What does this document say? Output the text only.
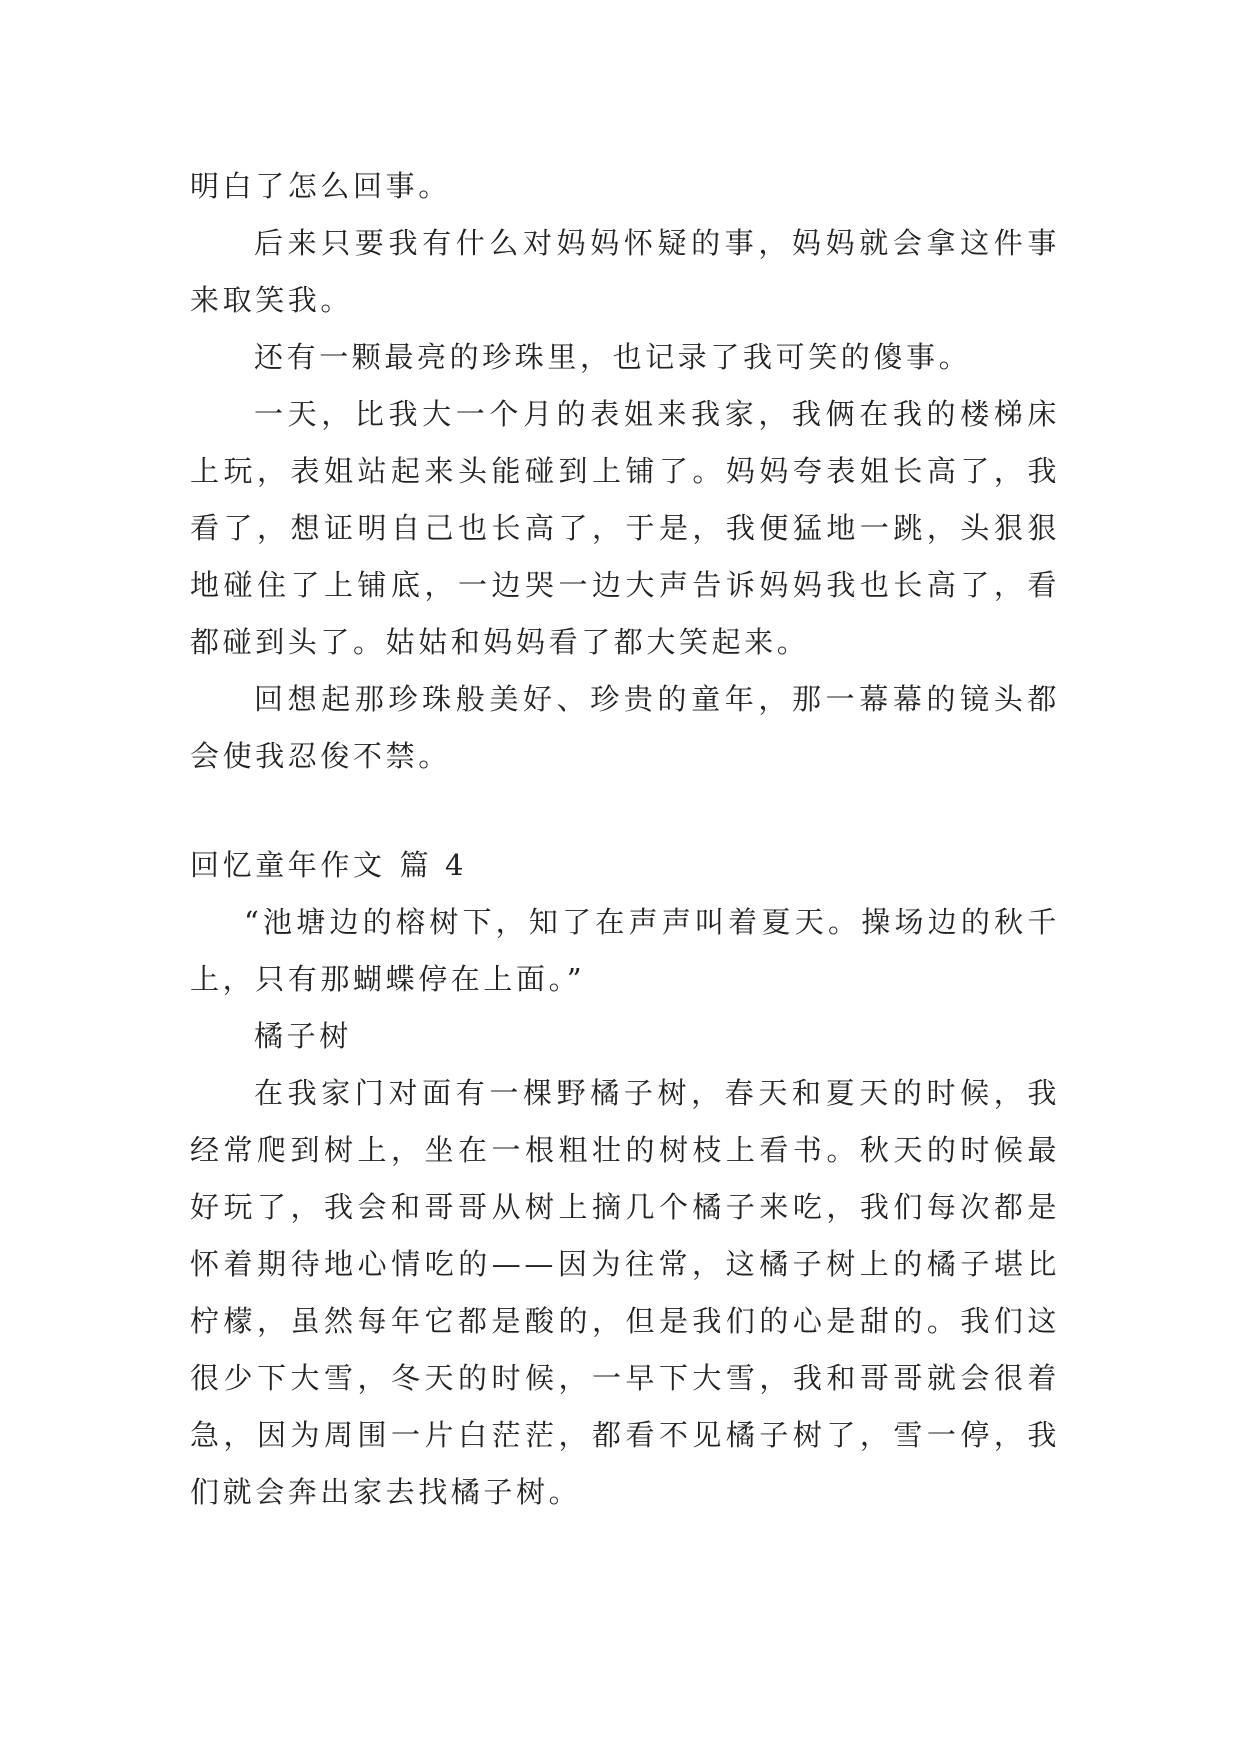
明白了怎么回事。

后来只要我有什么对妈妈怀疑的事，妈妈就会拿这件事来取笑我。

还有一颗最亮的珍珠里，也记录了我可笑的傻事。

一天，比我大一个月的表姐来我家，我俩在我的楼梯床上玩，表姐站起来头能碰到上铺了。妈妈夸表姐长高了，我看了，想证明自己也长高了，于是，我便猛地一跳，头狠狠地碰住了上铺底，一边哭一边大声告诉妈妈我也长高了，看都碰到头了。姑姑和妈妈看了都大笑起来。

回想起那珍珠般美好、珍贵的童年，那一幕幕的镜头都会使我忍俊不禁。

回忆童年作文 篇 4

“池塘边的榕树下，知了在声声叫着夏天。操场边的秋千上，只有那蝴蝶停在上面。”

橘子树

在我家门对面有一棵野橘子树，春天和夏天的时候，我经常爬到树上，坐在一根粗壮的树枝上看书。秋天的时候最好玩了，我会和哥哥从树上摘几个橘子来吃，我们每次都是怀着期待地心情吃的——因为往常，这橘子树上的橘子堪比柠檬，虽然每年它都是酸的，但是我们的心是甜的。我们这很少下大雪，冬天的时候，一早下大雪，我和哥哥就会很着急，因为周围一片白茫茫，都看不见橘子树了，雪一停，我们就会奔出家去找橘子树。
